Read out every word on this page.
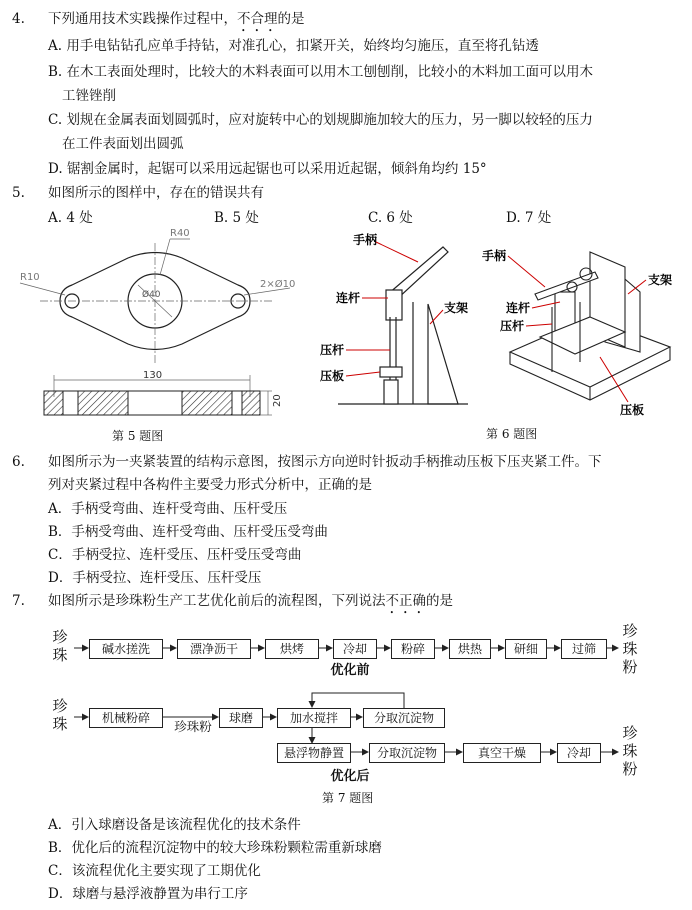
4. 下列通用技术实践操作过程中，不合理的是
A. 用手电钻钻孔应单手持钻，对准孔心，扣紧开关，始终均匀施压，直至将孔钻透
B. 在木工表面处理时，比较大的木料表面可以用木工刨刨削，比较小的木料加工面可以用木
工锉锉削
C. 划规在金属表面划圆弧时，应对旋转中心的划规脚施加较大的压力，另一脚以较轻的压力
在工件表面划出圆弧
D. 锯割金属时，起锯可以采用远起锯也可以采用近起锯，倾斜角均约 15°
5. 如图所示的图样中，存在的错误共有
A. 4 处	B. 5 处	C. 6 处	D. 7 处
R40
R10
Ø40
2×Ø10
130
20
第 5 题图
手柄
连杆
支架
压杆
压板
手柄
支架
连杆
压杆
压板
第 6 题图
6. 如图所示为一夹紧装置的结构示意图，按图示方向逆时针扳动手柄推动压板下压夹紧工件。下
列对夹紧过程中各构件主要受力形式分析中，正确的是
A．手柄受弯曲、连杆受弯曲、压杆受压
B．手柄受弯曲、连杆受弯曲、压杆受压受弯曲
C．手柄受拉、连杆受压、压杆受压受弯曲
D．手柄受拉、连杆受压、压杆受压
7. 如图所示是珍珠粉生产工艺优化前后的流程图，下列说法不正确的是
珍
珠	碱水搓洗	漂净沥干	烘烤	冷却	粉碎	烘热	研细	过筛
珍
珠
粉
优化前
珍
珠	机械粉碎
珍珠粉
球磨	加水搅拌	分取沉淀物
悬浮物静置	分取沉淀物	真空干燥	冷却
珍
珠
粉
优化后
第 7 题图
A．引入球磨设备是该流程优化的技术条件
B．优化后的流程沉淀物中的较大珍珠粉颗粒需重新球磨
C．该流程优化主要实现了工期优化
D．球磨与悬浮液静置为串行工序
